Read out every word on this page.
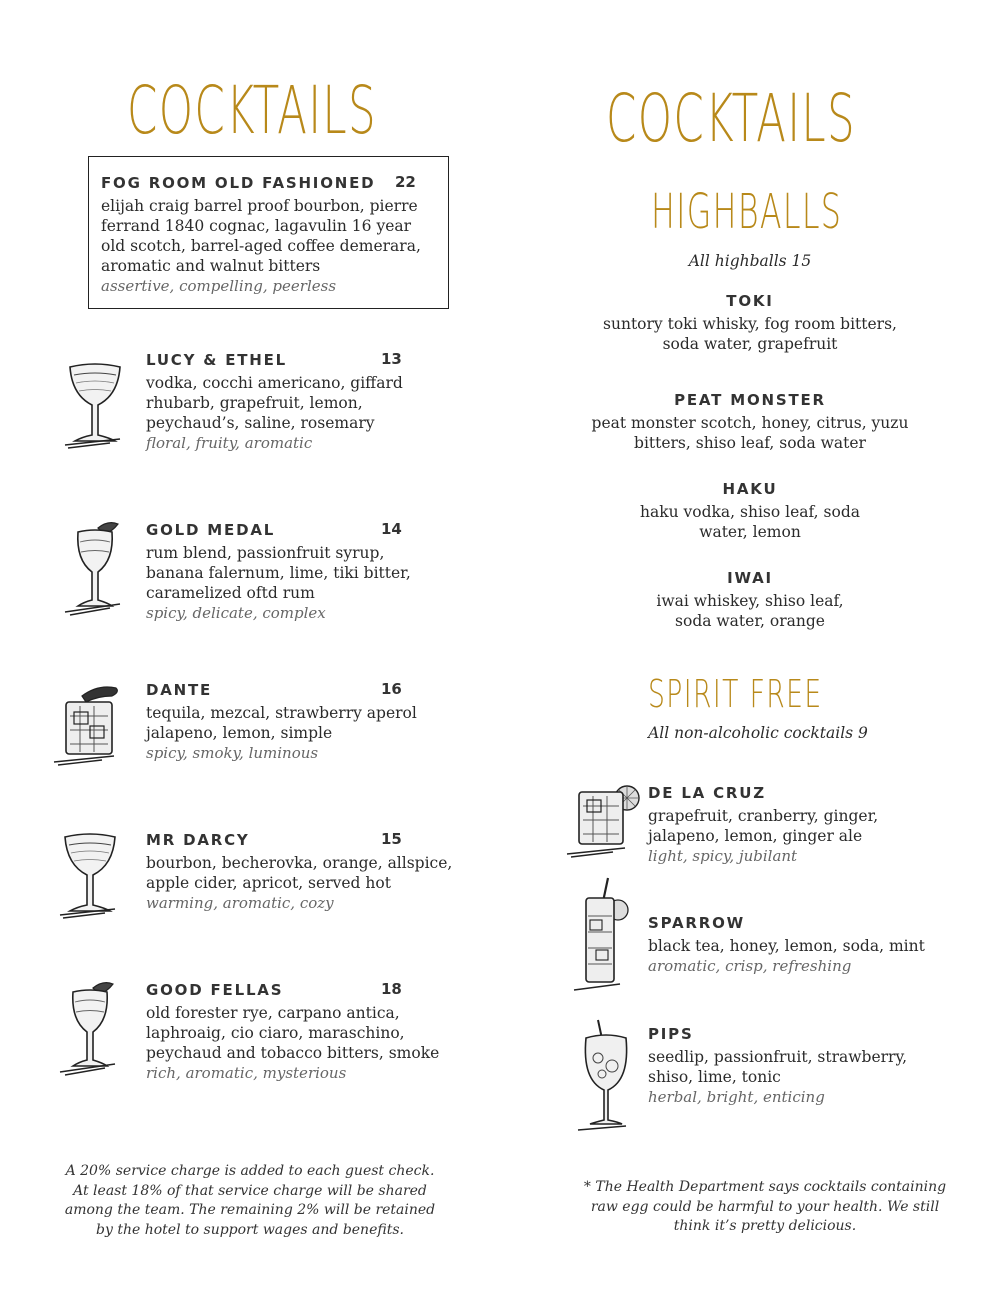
COCKTAILS
FOG ROOM OLD FASHIONED 22
elijah craig barrel proof bourbon, pierre ferrand 1840 cognac, lagavulin 16 year old scotch, barrel-aged coffee demerara, aromatic and walnut bitters
assertive, compelling, peerless
LUCY & ETHEL	13
vodka, cocchi americano, giffard rhubarb, grapefruit, lemon, peychaud’s, saline, rosemary
floral, fruity, aromatic
GOLD MEDAL	14
rum blend, passionfruit syrup, banana falernum, lime, tiki bitter, caramelized oftd rum
spicy, delicate, complex
DANTE	16
tequila, mezcal, strawberry aperol jalapeno, lemon, simple
spicy, smoky, luminous
MR DARCY	15
bourbon, becherovka, orange, allspice, apple cider, apricot, served hot
warming, aromatic, cozy
GOOD FELLAS	18
old forester rye, carpano antica, laphroaig, cio ciaro, maraschino, peychaud and tobacco bitters, smoke
rich, aromatic, mysterious
A 20% service charge is added to each guest check. At least 18% of that service charge will be shared among the team. The remaining 2% will be retained by the hotel to support wages and benefits.
COCKTAILS
HIGHBALLS
All highballs 15
TOKI
suntory toki whisky, fog room bitters, soda water, grapefruit
PEAT MONSTER
peat monster scotch, honey, citrus, yuzu bitters, shiso leaf, soda water
HAKU
haku vodka, shiso leaf, soda water, lemon
IWAI
iwai whiskey, shiso leaf, soda water, orange
SPIRIT FREE
All non-alcoholic cocktails 9
DE LA CRUZ
grapefruit, cranberry, ginger, jalapeno, lemon, ginger ale
light, spicy, jubilant
SPARROW
black tea, honey, lemon, soda, mint
aromatic, crisp, refreshing
PIPS
seedlip, passionfruit, strawberry, shiso, lime, tonic
herbal, bright, enticing
* The Health Department says cocktails containing raw egg could be harmful to your health. We still think it’s pretty delicious.
